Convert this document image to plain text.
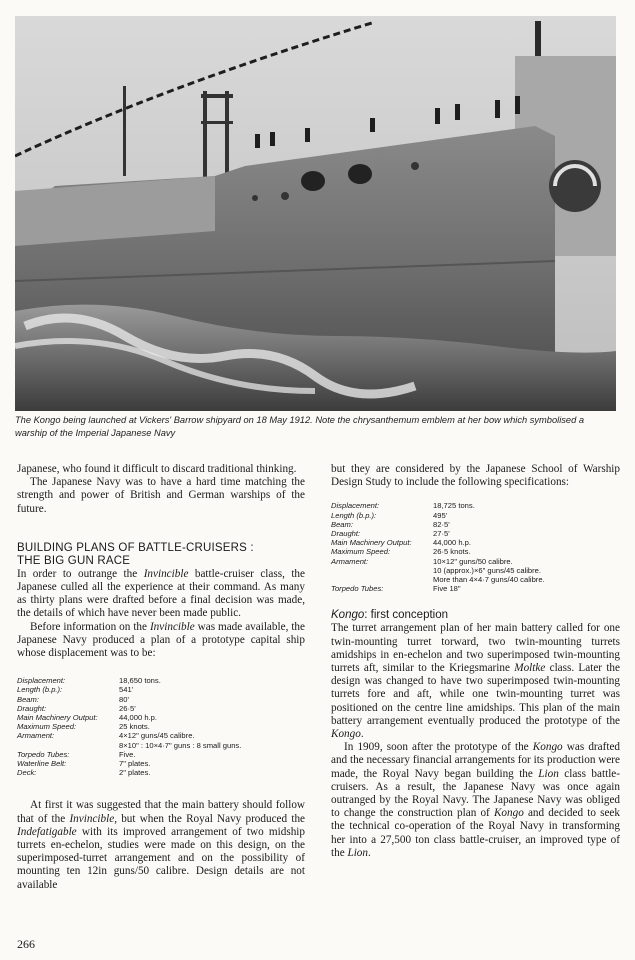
The Kongo being launched at Vickers' Barrow shipyard on 18 May 1912. Note the chrysanthemum emblem at her bow which symbolised a warship of the Imperial Japanese Navy

Japanese, who found it difficult to discard traditional thinking.

The Japanese Navy was to have a hard time matching the strength and power of British and German warships of the future.

BUILDING PLANS OF BATTLE-CRUISERS :
THE BIG GUN RACE

In order to outrange the Invincible battle-cruiser class, the Japanese culled all the experience at their command. As many as thirty plans were drafted before a final decision was made, the details of which have never been made public.

Before information on the Invincible was made available, the Japanese Navy produced a plan of a prototype capital ship whose displacement was to be:

Displacement:	18,650 tons.
Length (b.p.):	541'
Beam:	80'
Draught:	26·5'
Main Machinery Output:	44,000 h.p.
Maximum Speed:	25 knots.
Armament:	4×12" guns/45 calibre.
8×10" : 10×4·7" guns : 8 small guns.
Torpedo Tubes:	Five.
Waterline Belt:	7" plates.
Deck:	2" plates.

At first it was suggested that the main battery should follow that of the Invincible, but when the Royal Navy produced the Indefatigable with its improved arrangement of two midship turrets en-echelon, studies were made on this design, on the superimposed-turret arrangement and on the possibility of mounting ten 12in guns/50 calibre. Design details are not available

but they are considered by the Japanese School of Warship Design Study to include the following specifications:

Displacement:	18,725 tons.
Length (b.p.):	495'
Beam:	82·5'
Draught:	27·5'
Main Machinery Output:	44,000 h.p.
Maximum Speed:	26·5 knots.
Armament:	10×12" guns/50 calibre.
10 (approx.)×6" guns/45 calibre.
More than 4×4·7 guns/40 calibre.
Torpedo Tubes:	Five 18"
Kongo: first conception

The turret arrangement plan of her main battery called for one twin-mounting turret torward, two twin-mounting turrets amidships in en-echelon and two superimposed twin-mounting turrets aft, similar to the Kriegsmarine Moltke class. Later the design was changed to have two superimposed twin-mounting turrets fore and aft, while one twin-mounting turret was positioned on the centre line amidships. This plan of the main battery arrangement eventually produced the prototype of the Kongo.

In 1909, soon after the prototype of the Kongo was drafted and the necessary financial arrangements for its production were made, the Royal Navy began building the Lion class battle-cruisers. As a result, the Japanese Navy was once again outranged by the Royal Navy. The Japanese Navy was obliged to change the construction plan of Kongo and decided to seek the technical co-operation of the Royal Navy in transforming her into a 27,500 ton class battle-cruiser, an improved type of the Lion.

266
